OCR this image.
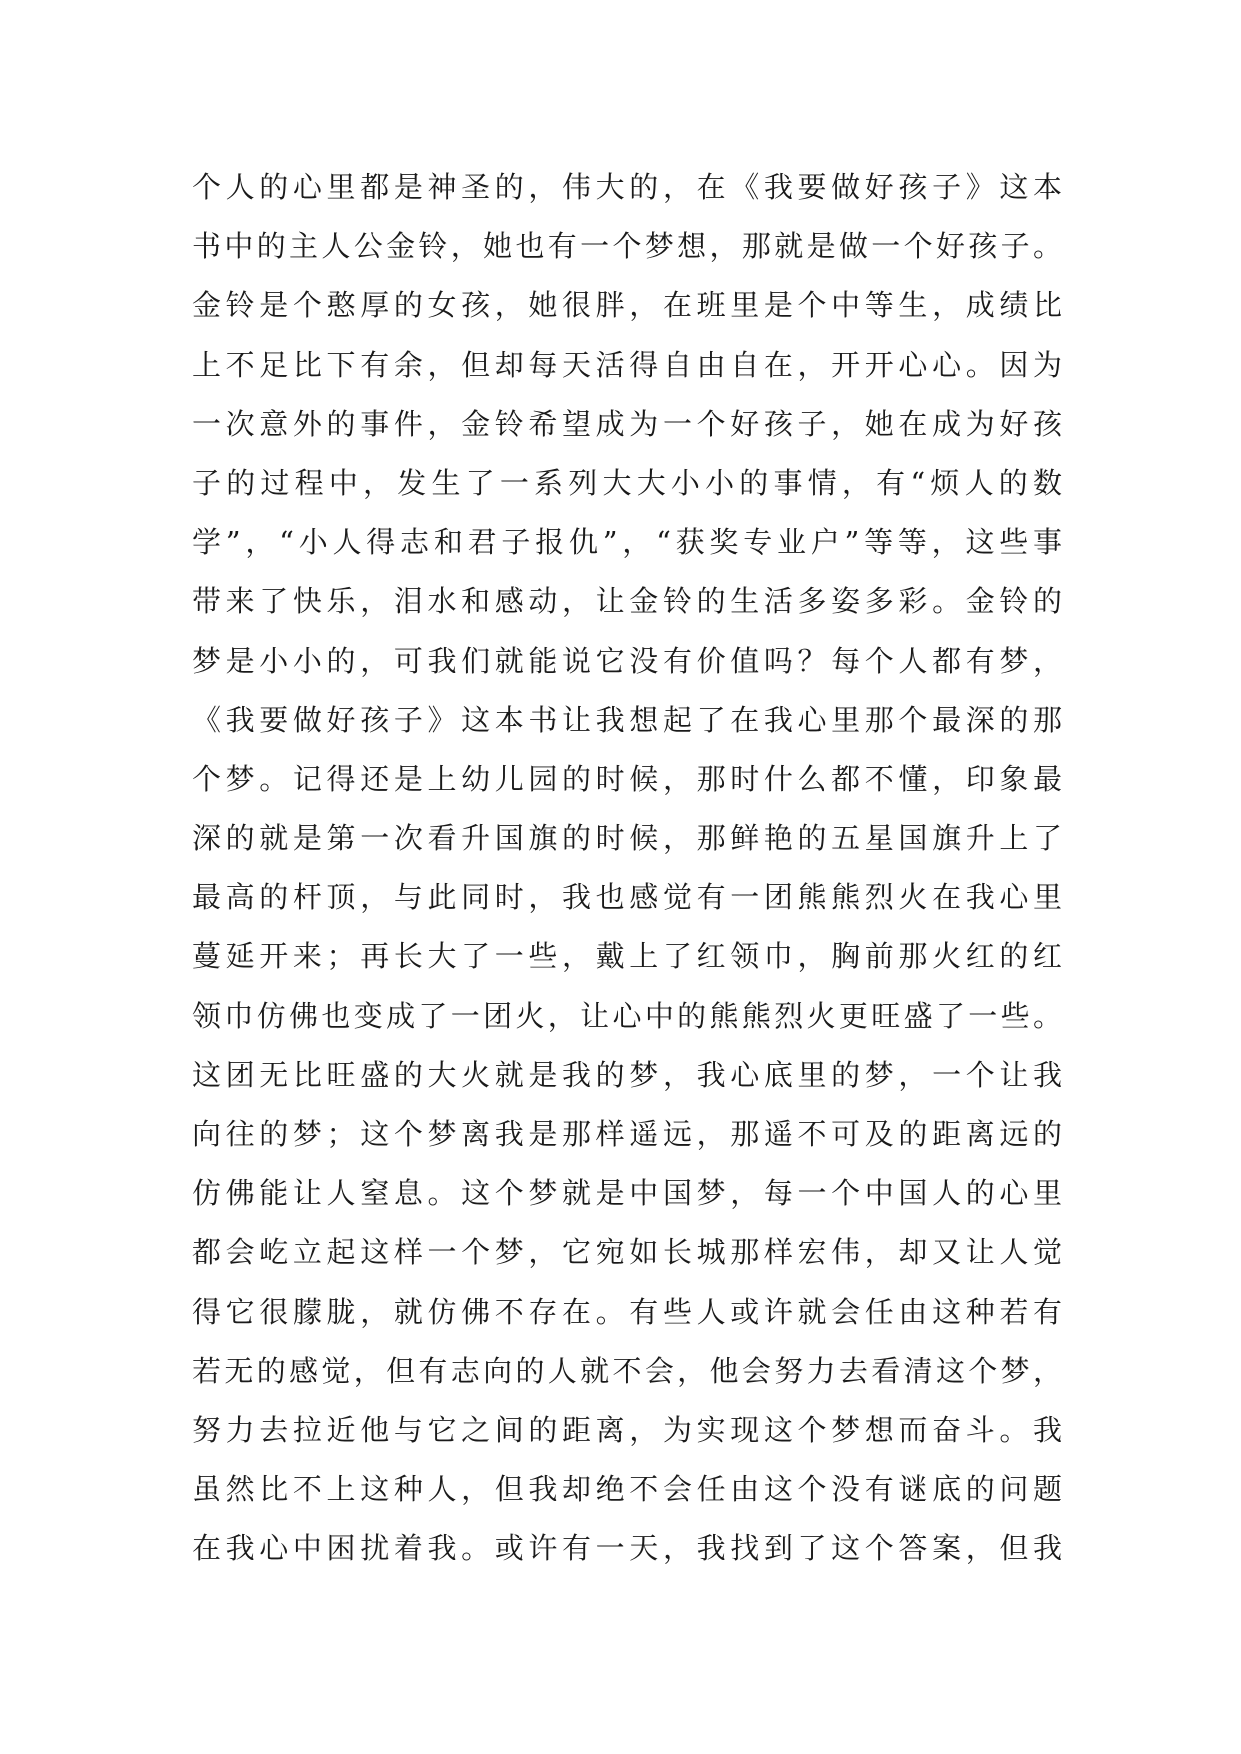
个人的心里都是神圣的，伟大的，在《我要做好孩子》这本
书中的主人公金铃，她也有一个梦想，那就是做一个好孩子。
金铃是个憨厚的女孩，她很胖，在班里是个中等生，成绩比
上不足比下有余，但却每天活得自由自在，开开心心。因为
一次意外的事件，金铃希望成为一个好孩子，她在成为好孩
子的过程中，发生了一系列大大小小的事情，有“烦人的数
学”，“小人得志和君子报仇”，“获奖专业户”等等，这些事
带来了快乐，泪水和感动，让金铃的生活多姿多彩。金铃的
梦是小小的，可我们就能说它没有价值吗？每个人都有梦，
《我要做好孩子》这本书让我想起了在我心里那个最深的那
个梦。记得还是上幼儿园的时候，那时什么都不懂，印象最
深的就是第一次看升国旗的时候，那鲜艳的五星国旗升上了
最高的杆顶，与此同时，我也感觉有一团熊熊烈火在我心里
蔓延开来；再长大了一些，戴上了红领巾，胸前那火红的红
领巾仿佛也变成了一团火，让心中的熊熊烈火更旺盛了一些。
这团无比旺盛的大火就是我的梦，我心底里的梦，一个让我
向往的梦；这个梦离我是那样遥远，那遥不可及的距离远的
仿佛能让人窒息。这个梦就是中国梦，每一个中国人的心里
都会屹立起这样一个梦，它宛如长城那样宏伟，却又让人觉
得它很朦胧，就仿佛不存在。有些人或许就会任由这种若有
若无的感觉，但有志向的人就不会，他会努力去看清这个梦，
努力去拉近他与它之间的距离，为实现这个梦想而奋斗。我
虽然比不上这种人，但我却绝不会任由这个没有谜底的问题
在我心中困扰着我。或许有一天，我找到了这个答案，但我
